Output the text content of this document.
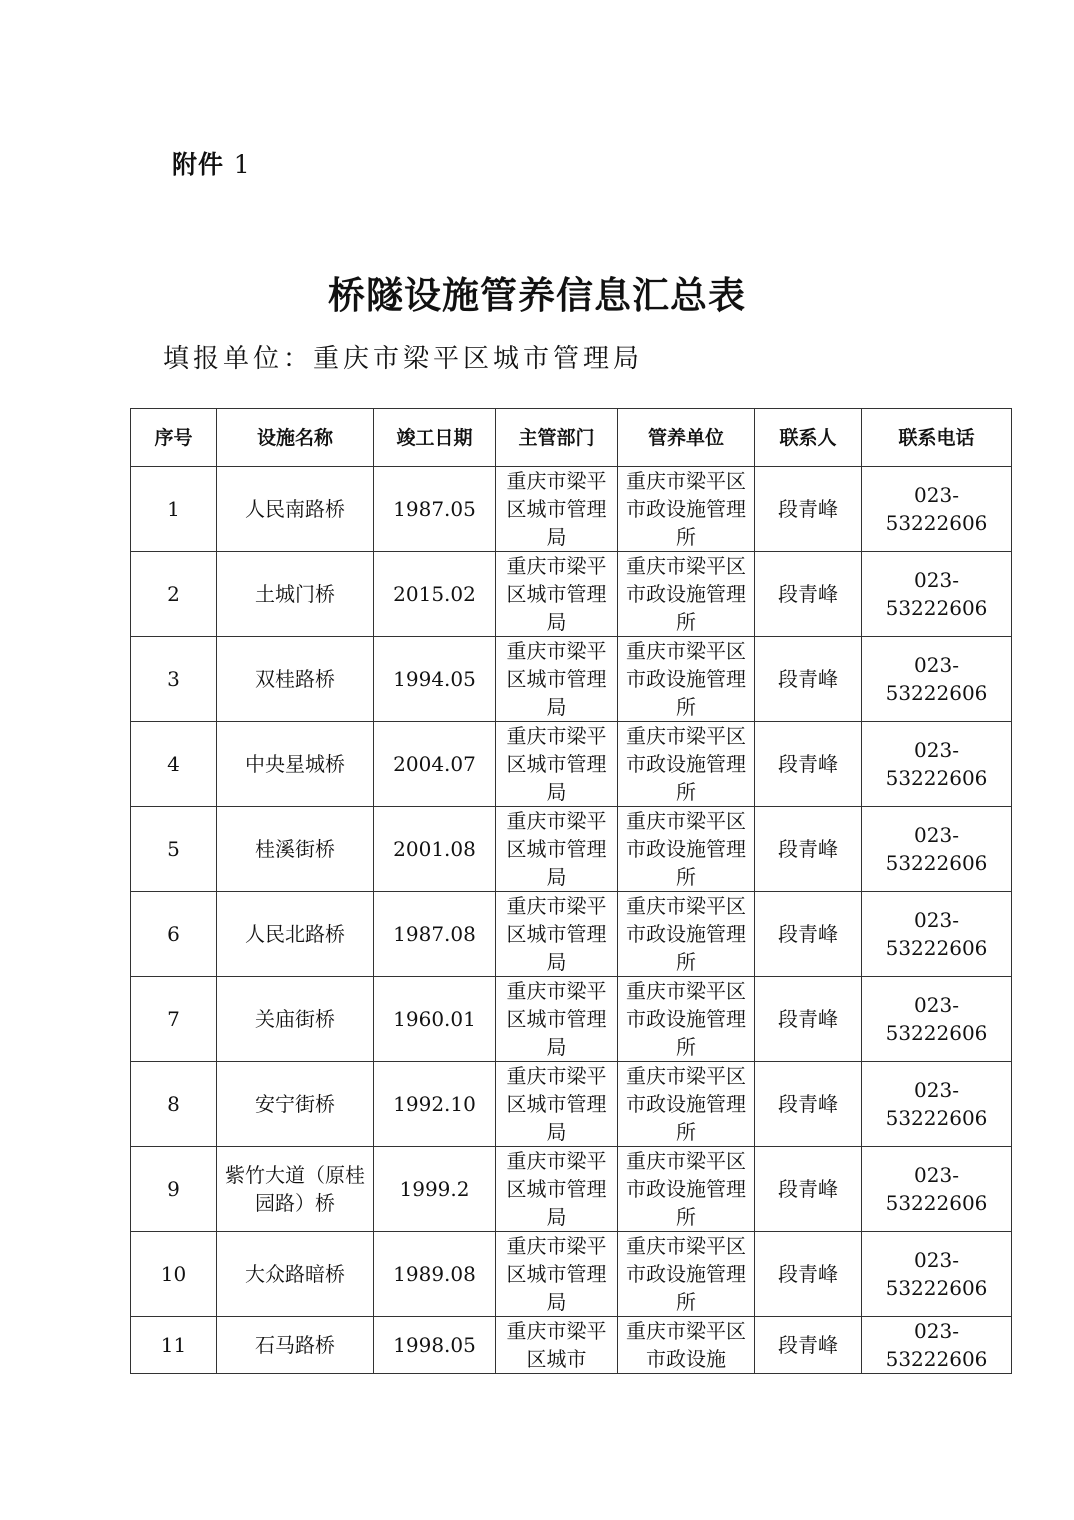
附件 1
桥隧设施管养信息汇总表
填报单位：重庆市梁平区城市管理局
序号	设施名称	竣工日期	主管部门	管养单位	联系人	联系电话
1	人民南路桥	1987.05	重庆市梁平区城市管理局	重庆市梁平区市政设施管理所	段青峰	023-53222606
2	土城门桥	2015.02	重庆市梁平区城市管理局	重庆市梁平区市政设施管理所	段青峰	023-53222606
3	双桂路桥	1994.05	重庆市梁平区城市管理局	重庆市梁平区市政设施管理所	段青峰	023-53222606
4	中央星城桥	2004.07	重庆市梁平区城市管理局	重庆市梁平区市政设施管理所	段青峰	023-53222606
5	桂溪街桥	2001.08	重庆市梁平区城市管理局	重庆市梁平区市政设施管理所	段青峰	023-53222606
6	人民北路桥	1987.08	重庆市梁平区城市管理局	重庆市梁平区市政设施管理所	段青峰	023-53222606
7	关庙街桥	1960.01	重庆市梁平区城市管理局	重庆市梁平区市政设施管理所	段青峰	023-53222606
8	安宁街桥	1992.10	重庆市梁平区城市管理局	重庆市梁平区市政设施管理所	段青峰	023-53222606
9	紫竹大道（原桂园路）桥	1999.2	重庆市梁平区城市管理局	重庆市梁平区市政设施管理所	段青峰	023-53222606
10	大众路暗桥	1989.08	重庆市梁平区城市管理局	重庆市梁平区市政设施管理所	段青峰	023-53222606
11	石马路桥	1998.05	重庆市梁平区城市	重庆市梁平区市政设施	段青峰	023-53222606
